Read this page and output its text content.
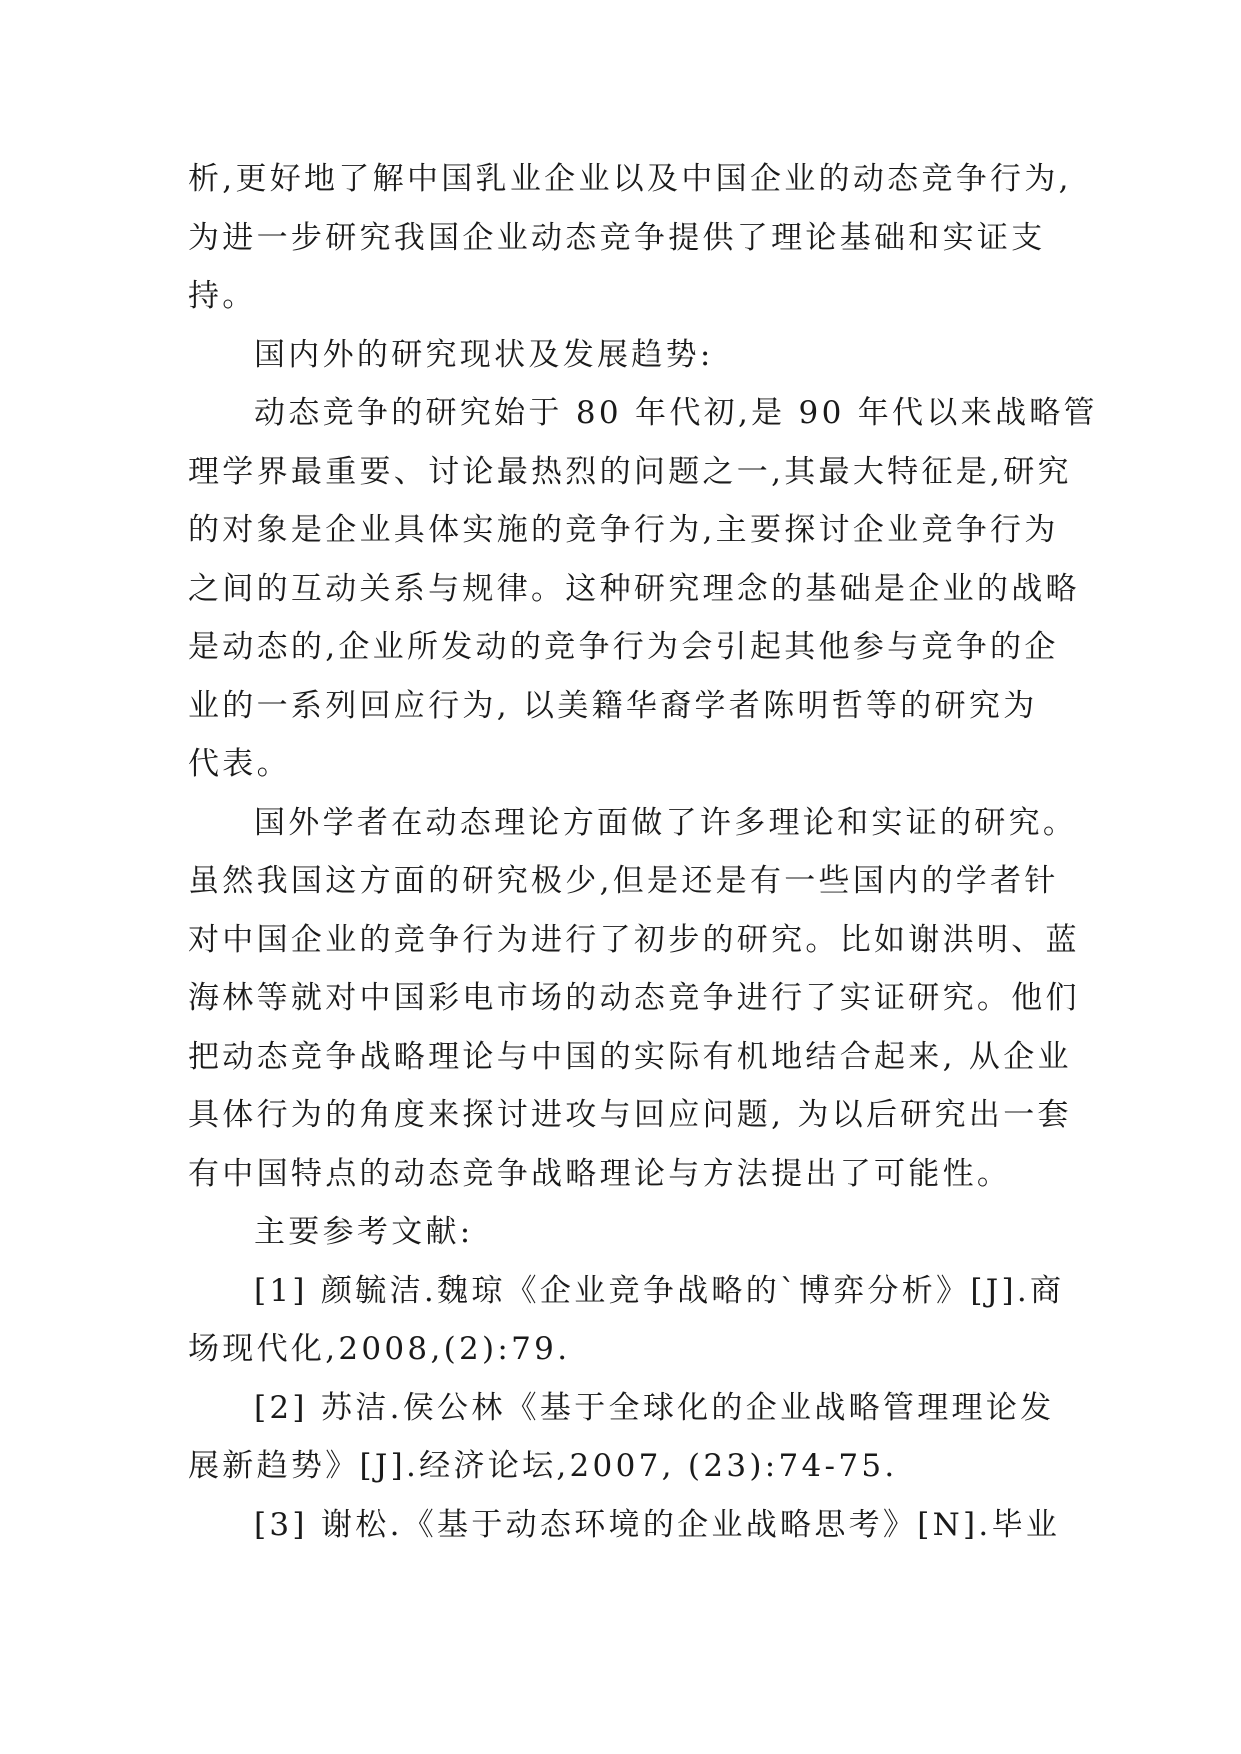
析,更好地了解中国乳业企业以及中国企业的动态竞争行为,
为进一步研究我国企业动态竞争提供了理论基础和实证支
持。
国内外的研究现状及发展趋势:
动态竞争的研究始于 80 年代初,是 90 年代以来战略管
理学界最重要、讨论最热烈的问题之一,其最大特征是,研究
的对象是企业具体实施的竞争行为,主要探讨企业竞争行为
之间的互动关系与规律。这种研究理念的基础是企业的战略
是动态的,企业所发动的竞争行为会引起其他参与竞争的企
业的一系列回应行为, 以美籍华裔学者陈明哲等的研究为
代表。
国外学者在动态理论方面做了许多理论和实证的研究。
虽然我国这方面的研究极少,但是还是有一些国内的学者针
对中国企业的竞争行为进行了初步的研究。比如谢洪明、蓝
海林等就对中国彩电市场的动态竞争进行了实证研究。他们
把动态竞争战略理论与中国的实际有机地结合起来, 从企业
具体行为的角度来探讨进攻与回应问题, 为以后研究出一套
有中国特点的动态竞争战略理论与方法提出了可能性。
主要参考文献:
[1] 颜毓洁.魏琼《企业竞争战略的`博弈分析》[J].商
场现代化,2008,(2):79.
[2] 苏洁.侯公林《基于全球化的企业战略管理理论发
展新趋势》[J].经济论坛,2007, (23):74-75.
[3] 谢松.《基于动态环境的企业战略思考》[N].毕业
